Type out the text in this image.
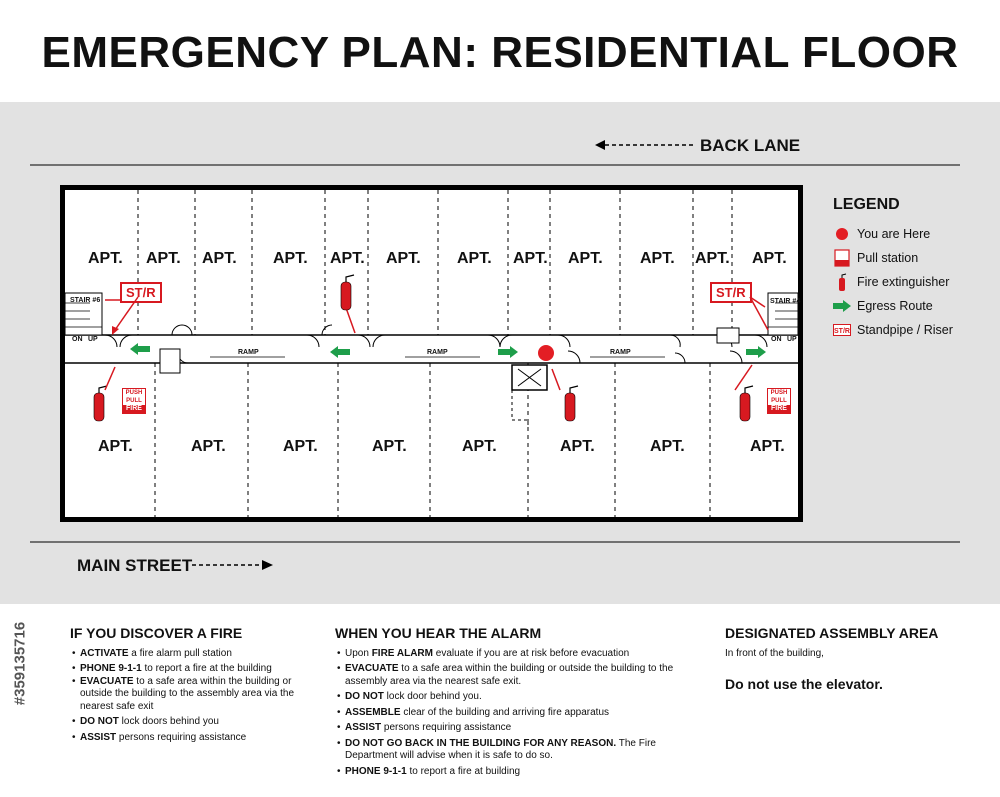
EMERGENCY PLAN: RESIDENTIAL FLOOR
BACK LANE
MAIN STREET
APT. APT. APT. APT. APT. APT. APT. APT. APT. APT. APT. APT.
APT.	APT.	APT.	APT.	APT.	APT.	APT.	APT.
STAIR #6
ON UP
STAIR #4
ON UP
RAMP	RAMP	RAMP
ST/R	ST/R
PUSH
PULL
FIRE
PUSH
PULL
FIRE
LEGEND
You are Here
Pull station
Fire extinguisher
Egress Route
ST/R Standpipe / Riser
#359135716	IF YOU DISCOVER A FIRE
• ACTIVATE a fire alarm pull station
• PHONE 9-1-1 to report a fire at the building
• EVACUATE to a safe area within the building or outside the building to the assembly area via the nearest safe exit
• DO NOT lock doors behind you
• ASSIST persons requiring assistance
WHEN YOU HEAR THE ALARM
• Upon FIRE ALARM evaluate if you are at risk before evacuation
• EVACUATE to a safe area within the building or outside the building to the assembly area via the nearest safe exit.
• DO NOT lock door behind you.
• ASSEMBLE clear of the building and arriving fire apparatus
• ASSIST persons requiring assistance
• DO NOT GO BACK IN THE BUILDING FOR ANY REASON. The Fire Department will advise when it is safe to do so.
• PHONE 9-1-1 to report a fire at building
DESIGNATED ASSEMBLY AREA
In front of the building,
Do not use the elevator.
